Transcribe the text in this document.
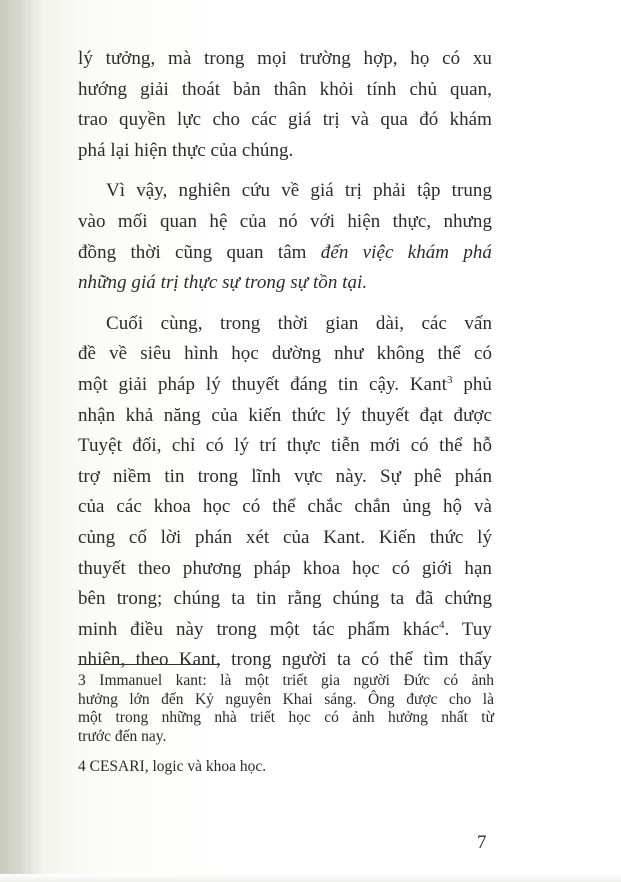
lý tưởng, mà trong mọi trường hợp, họ có xu
hướng giải thoát bản thân khỏi tính chủ quan,
trao quyền lực cho các giá trị và qua đó khám
phá lại hiện thực của chúng.
Vì vậy, nghiên cứu về giá trị phải tập trung
vào mối quan hệ của nó với hiện thực, nhưng
đồng thời cũng quan tâm đến việc khám phá
những giá trị thực sự trong sự tồn tại.
Cuối cùng, trong thời gian dài, các vấn
đề về siêu hình học dường như không thể có
một giải pháp lý thuyết đáng tin cậy. Kant$^3$ phủ
nhận khả năng của kiến thức lý thuyết đạt được
Tuyệt đối, chỉ có lý trí thực tiễn mới có thể hỗ
trợ niềm tin trong lĩnh vực này. Sự phê phán
của các khoa học có thể chắc chắn ủng hộ và
củng cố lời phán xét của Kant. Kiến thức lý
thuyết theo phương pháp khoa học có giới hạn
bên trong; chúng ta tin rằng chúng ta đã chứng
minh điều này trong một tác phẩm khác$^4$. Tuy
nhiên, theo Kant, trong người ta có thể tìm thấy
3 Immanuel kant: là một triết gia người Đức có ảnh
hưởng lớn đến Kỷ nguyên Khai sáng. Ông được cho là
một trong những nhà triết học có ảnh hưởng nhất từ
trước đến nay.
4 CESARI, logic và khoa học.
7
